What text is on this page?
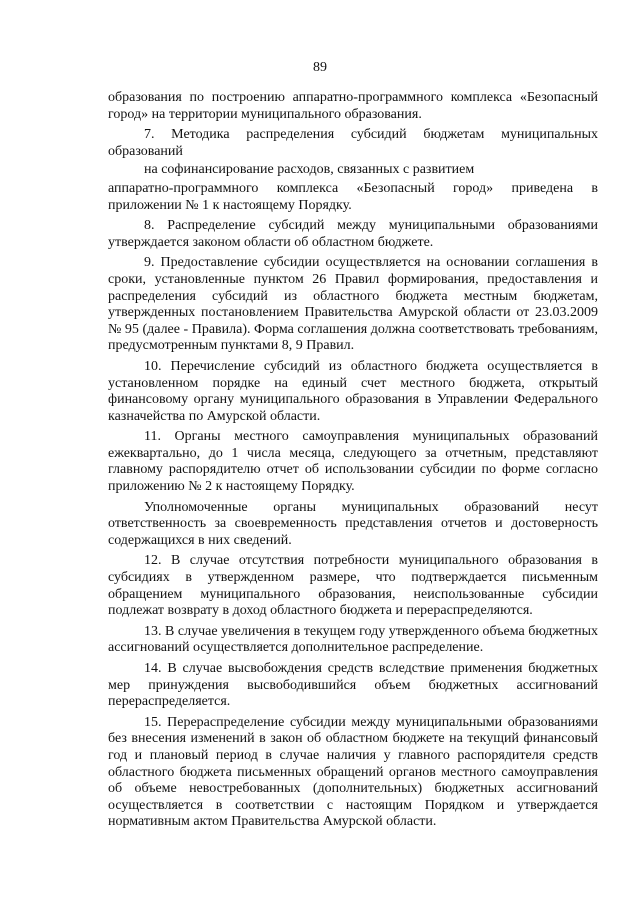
89

образования по построению аппаратно-программного комплекса «Безопасный город» на территории муниципального образования.

7. Методика распределения субсидий бюджетам муниципальных образований

на софинансирование расходов, связанных с развитием

аппаратно-программного комплекса «Безопасный город» приведена в приложении № 1 к настоящему Порядку.

8. Распределение субсидий между муниципальными образованиями утверждается законом области об областном бюджете.

9. Предоставление субсидии осуществляется на основании соглашения в сроки, установленные пунктом 26 Правил формирования, предоставления и распределения субсидий из областного бюджета местным бюджетам, утвержденных постановлением Правительства Амурской области от 23.03.2009 № 95 (далее - Правила). Форма соглашения должна соответствовать требованиям, предусмотренным пунктами 8, 9 Правил.

10. Перечисление субсидий из областного бюджета осуществляется в установленном порядке на единый счет местного бюджета, открытый финансовому органу муниципального образования в Управлении Федерального казначейства по Амурской области.

11. Органы местного самоуправления муниципальных образований ежеквартально, до 1 числа месяца, следующего за отчетным, представляют главному распорядителю отчет об использовании субсидии по форме согласно приложению № 2 к настоящему Порядку.

Уполномоченные органы муниципальных образований несут ответственность за своевременность представления отчетов и достоверность содержащихся в них сведений.

12. В случае отсутствия потребности муниципального образования в субсидиях в утвержденном размере, что подтверждается письменным обращением муниципального образования, неиспользованные субсидии подлежат возврату в доход областного бюджета и перераспределяются.

13. В случае увеличения в текущем году утвержденного объема бюджетных ассигнований осуществляется дополнительное распределение.

14. В случае высвобождения средств вследствие применения бюджетных мер принуждения высвободившийся объем бюджетных ассигнований перераспределяется.

15. Перераспределение субсидии между муниципальными образованиями без внесения изменений в закон об областном бюджете на текущий финансовый год и плановый период в случае наличия у главного распорядителя средств областного бюджета письменных обращений органов местного самоуправления об объеме невостребованных (дополнительных) бюджетных ассигнований осуществляется в соответствии с настоящим Порядком и утверждается нормативным актом Правительства Амурской области.
